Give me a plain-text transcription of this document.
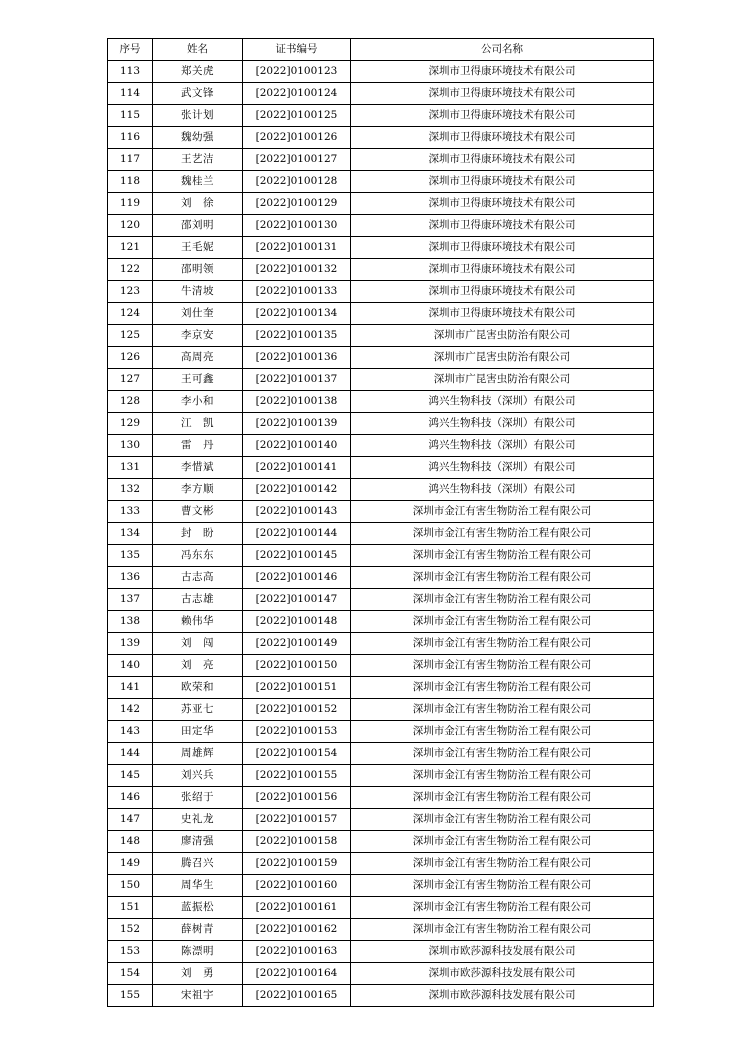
序号	姓名	证书编号	公司名称
113	郑关虎	[2022]0100123	深圳市卫得康环境技术有限公司
114	武文锋	[2022]0100124	深圳市卫得康环境技术有限公司
115	张计划	[2022]0100125	深圳市卫得康环境技术有限公司
116	魏幼强	[2022]0100126	深圳市卫得康环境技术有限公司
117	王艺洁	[2022]0100127	深圳市卫得康环境技术有限公司
118	魏桂兰	[2022]0100128	深圳市卫得康环境技术有限公司
119	刘　徐	[2022]0100129	深圳市卫得康环境技术有限公司
120	邵刘明	[2022]0100130	深圳市卫得康环境技术有限公司
121	王毛妮	[2022]0100131	深圳市卫得康环境技术有限公司
122	邵明领	[2022]0100132	深圳市卫得康环境技术有限公司
123	牛清坡	[2022]0100133	深圳市卫得康环境技术有限公司
124	刘仕奎	[2022]0100134	深圳市卫得康环境技术有限公司
125	李京安	[2022]0100135	深圳市广昆害虫防治有限公司
126	高周亮	[2022]0100136	深圳市广昆害虫防治有限公司
127	王可鑫	[2022]0100137	深圳市广昆害虫防治有限公司
128	李小和	[2022]0100138	鸿兴生物科技（深圳）有限公司
129	江　凯	[2022]0100139	鸿兴生物科技（深圳）有限公司
130	雷　丹	[2022]0100140	鸿兴生物科技（深圳）有限公司
131	李惜斌	[2022]0100141	鸿兴生物科技（深圳）有限公司
132	李方顺	[2022]0100142	鸿兴生物科技（深圳）有限公司
133	曹文彬	[2022]0100143	深圳市金江有害生物防治工程有限公司
134	封　盼	[2022]0100144	深圳市金江有害生物防治工程有限公司
135	冯东东	[2022]0100145	深圳市金江有害生物防治工程有限公司
136	古志高	[2022]0100146	深圳市金江有害生物防治工程有限公司
137	古志雄	[2022]0100147	深圳市金江有害生物防治工程有限公司
138	赖伟华	[2022]0100148	深圳市金江有害生物防治工程有限公司
139	刘　闯	[2022]0100149	深圳市金江有害生物防治工程有限公司
140	刘　亮	[2022]0100150	深圳市金江有害生物防治工程有限公司
141	欧荣和	[2022]0100151	深圳市金江有害生物防治工程有限公司
142	苏亚七	[2022]0100152	深圳市金江有害生物防治工程有限公司
143	田定华	[2022]0100153	深圳市金江有害生物防治工程有限公司
144	周雄辉	[2022]0100154	深圳市金江有害生物防治工程有限公司
145	刘兴兵	[2022]0100155	深圳市金江有害生物防治工程有限公司
146	张绍于	[2022]0100156	深圳市金江有害生物防治工程有限公司
147	史礼龙	[2022]0100157	深圳市金江有害生物防治工程有限公司
148	廖清强	[2022]0100158	深圳市金江有害生物防治工程有限公司
149	腾召兴	[2022]0100159	深圳市金江有害生物防治工程有限公司
150	周华生	[2022]0100160	深圳市金江有害生物防治工程有限公司
151	蓝振松	[2022]0100161	深圳市金江有害生物防治工程有限公司
152	薛树青	[2022]0100162	深圳市金江有害生物防治工程有限公司
153	陈漂明	[2022]0100163	深圳市欧莎源科技发展有限公司
154	刘　勇	[2022]0100164	深圳市欧莎源科技发展有限公司
155	宋祖宇	[2022]0100165	深圳市欧莎源科技发展有限公司
